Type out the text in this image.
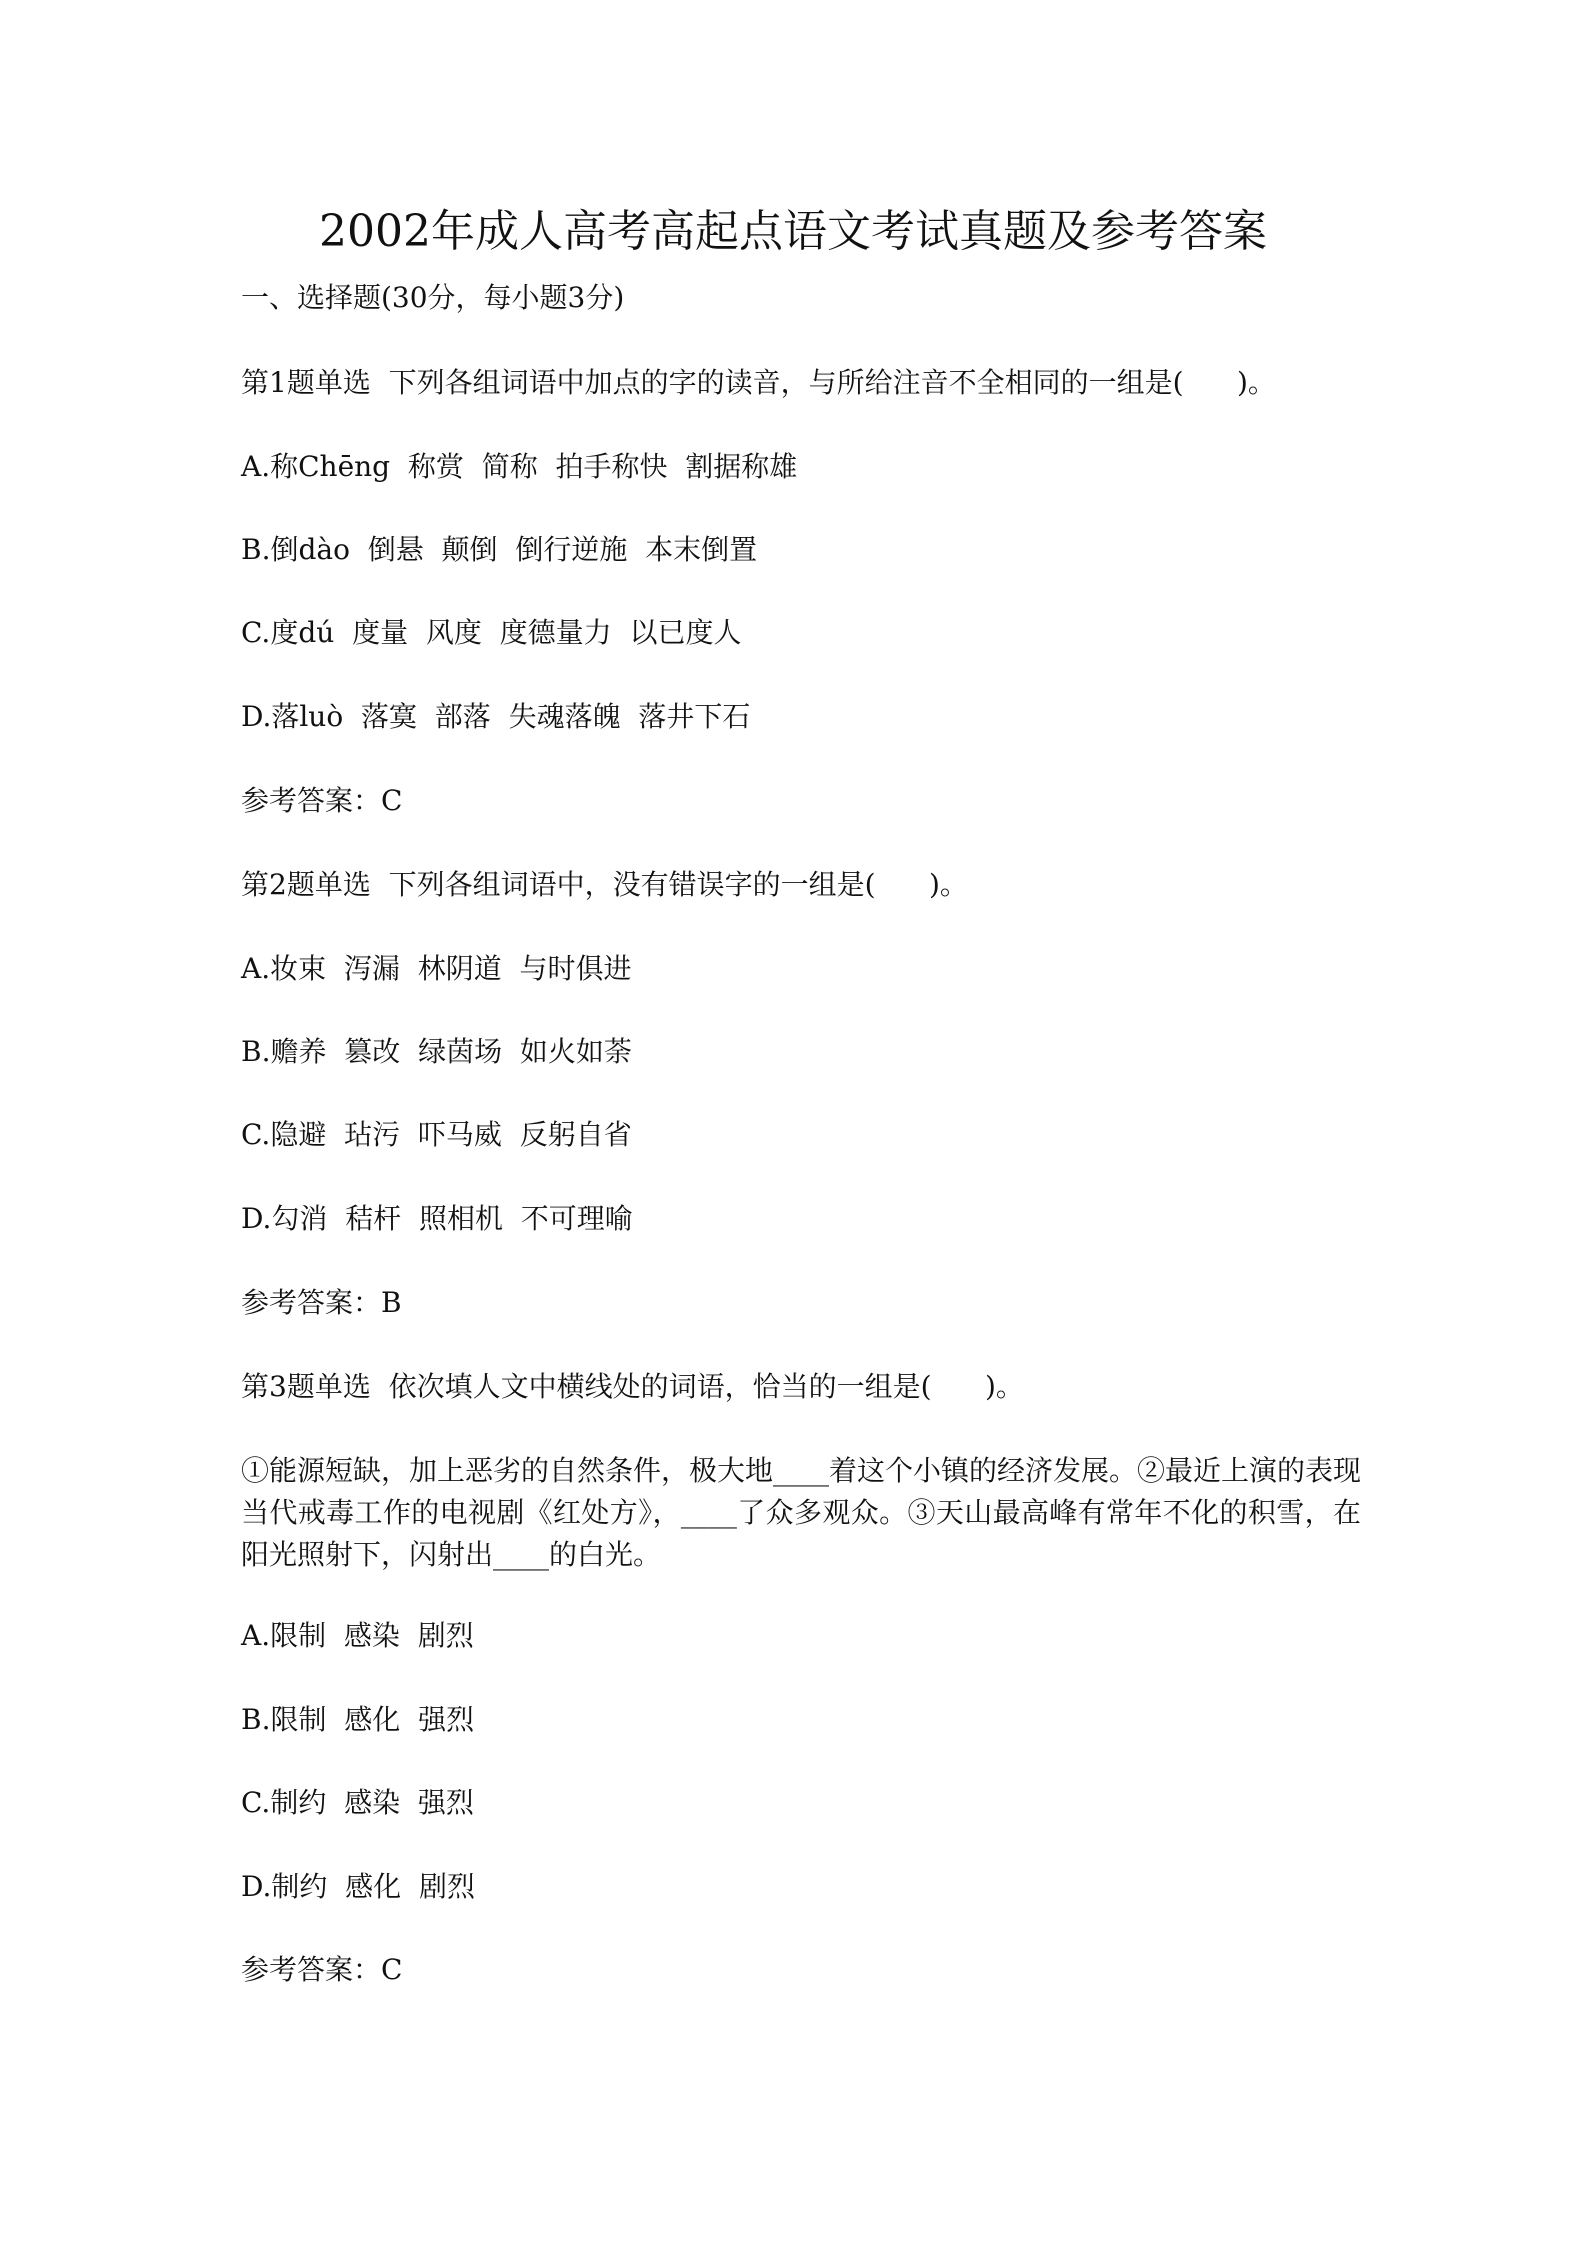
2002年成人高考高起点语文考试真题及参考答案
一、选择题(30分，每小题3分)
第1题单选  下列各组词语中加点的字的读音，与所给注音不全相同的一组是(      )。
A.称Chēng  称赏  简称  拍手称快  割据称雄
B.倒dào  倒悬  颠倒  倒行逆施  本末倒置
C.度dú  度量  风度  度德量力  以已度人
D.落luò  落寞  部落  失魂落魄  落井下石
参考答案：C
第2题单选  下列各组词语中，没有错误字的一组是(      )。
A.妆束  泻漏  林阴道  与时俱进
B.赡养  篡改  绿茵场  如火如荼
C.隐避  玷污  吓马威  反躬自省
D.勾消  秸杆  照相机  不可理喻
参考答案：B
第3题单选  依次填人文中横线处的词语，恰当的一组是(      )。
①能源短缺，加上恶劣的自然条件，极大地____着这个小镇的经济发展。②最近上演的表现当代戒毒工作的电视剧《红处方》，____了众多观众。③天山最高峰有常年不化的积雪，在阳光照射下，闪射出____的白光。
A.限制  感染  剧烈
B.限制  感化  强烈
C.制约  感染  强烈
D.制约  感化  剧烈
参考答案：C
